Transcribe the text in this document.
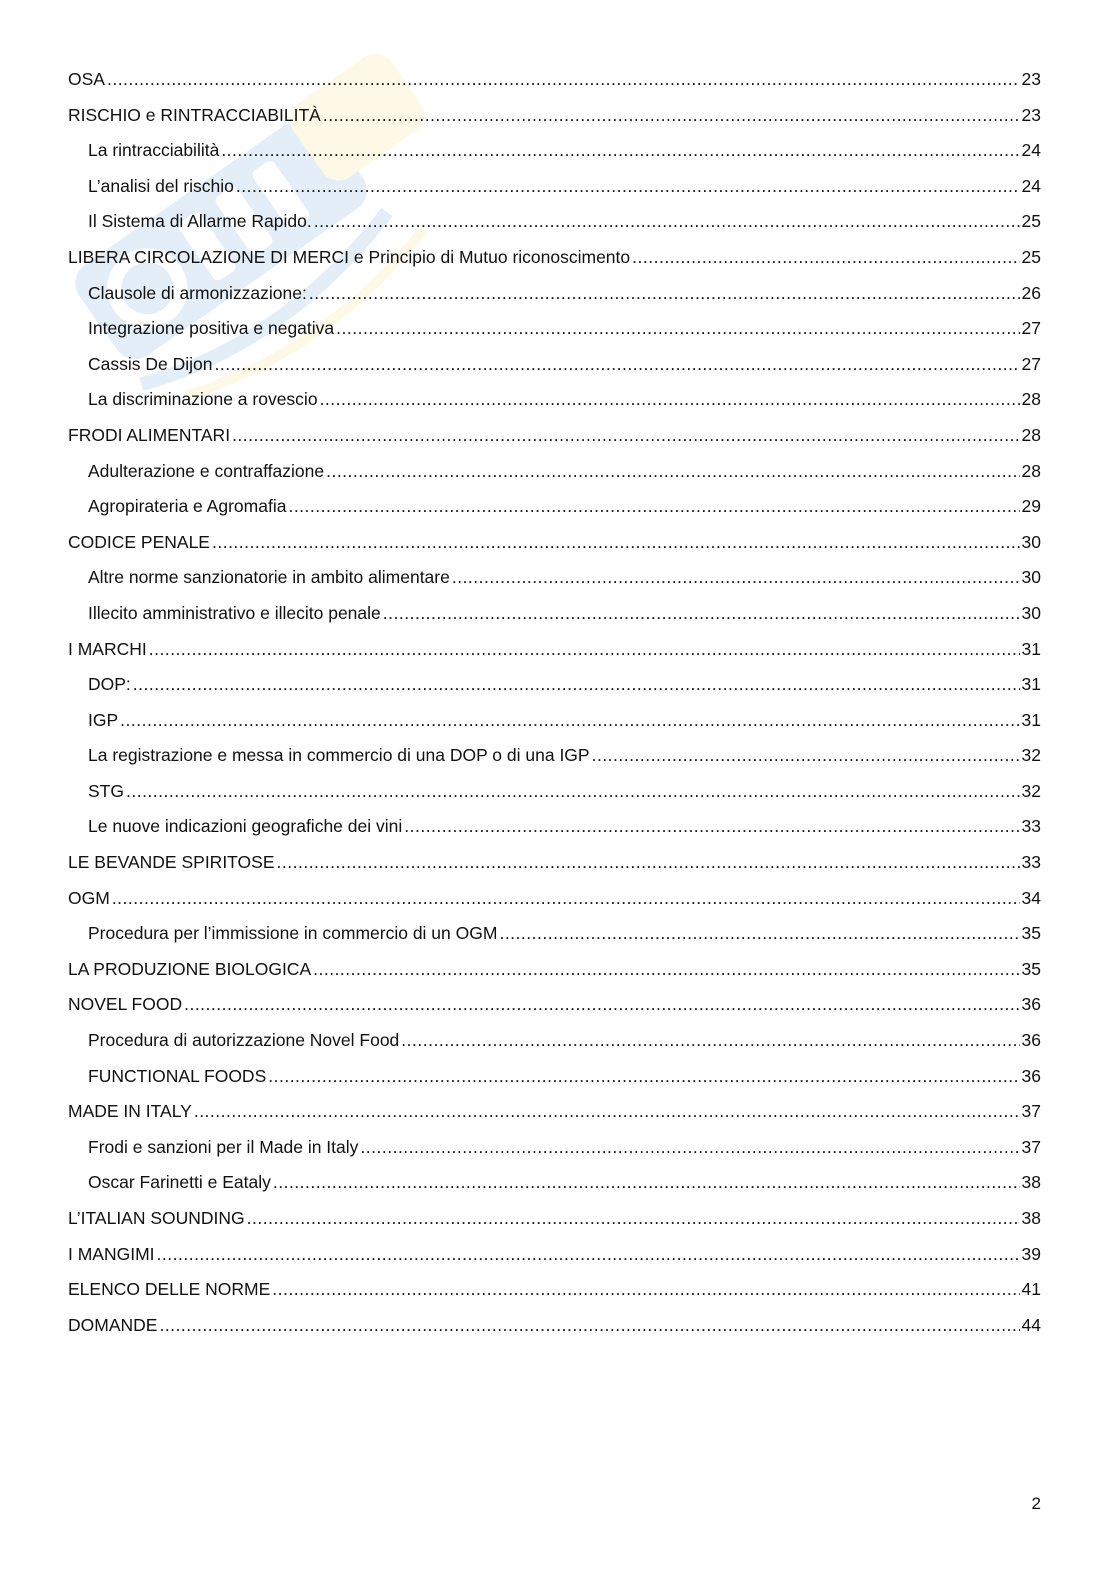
OSA .....	23
RISCHIO e RINTRACCIABILITÀ .....	23
La rintracciabilità .....	24
L’analisi del rischio .....	24
Il Sistema di Allarme Rapido. .....	25
LIBERA CIRCOLAZIONE DI MERCI e Principio di Mutuo riconoscimento .....	25
Clausole di armonizzazione: .....	26
Integrazione positiva e negativa .....	27
Cassis De Dijon .....	27
La discriminazione a rovescio .....	28
FRODI ALIMENTARI .....	28
Adulterazione e contraffazione .....	28
Agropirateria e Agromafia .....	29
CODICE PENALE .....	30
Altre norme sanzionatorie in ambito alimentare .....	30
Illecito amministrativo e illecito penale .....	30
I MARCHI .....	31
DOP: .....	31
IGP .....	31
La registrazione e messa in commercio di una DOP o di una IGP .....	32
STG .....	32
Le nuove indicazioni geografiche dei vini .....	33
LE BEVANDE SPIRITOSE .....	33
OGM .....	34
Procedura per l’immissione in commercio di un OGM .....	35
LA PRODUZIONE BIOLOGICA .....	35
NOVEL FOOD .....	36
Procedura di autorizzazione Novel Food .....	36
FUNCTIONAL FOODS .....	36
MADE IN ITALY .....	37
Frodi e sanzioni per il Made in Italy .....	37
Oscar Farinetti e Eataly .....	38
L’ITALIAN SOUNDING .....	38
I MANGIMI .....	39
ELENCO DELLE NORME .....	41
DOMANDE .....	44
2
